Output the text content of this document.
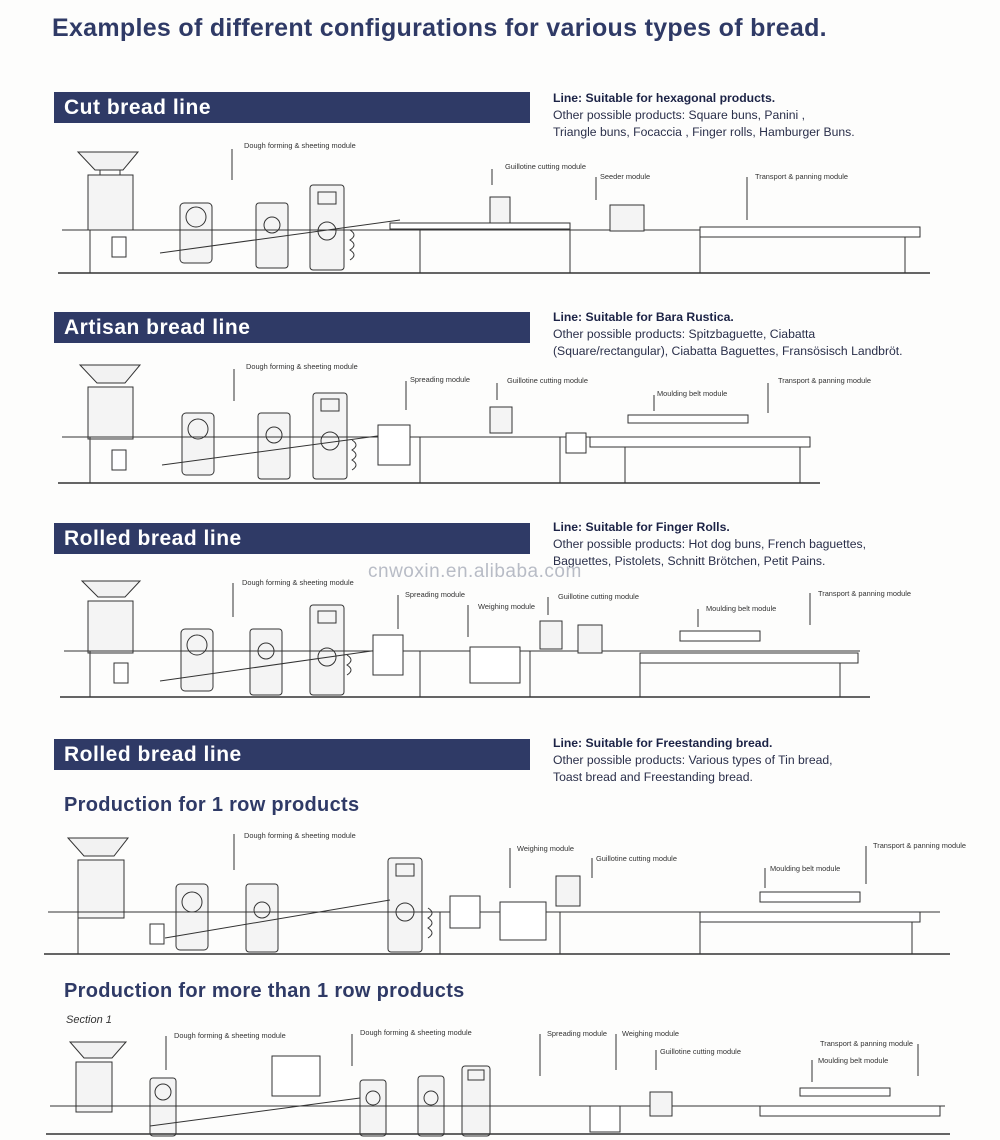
Examples of different configurations for various types of bread.
Cut bread line	Line: Suitable for hexagonal products.
Other possible products: Square buns, Panini ,
Triangle buns, Focaccia , Finger rolls, Hamburger Buns.
Dough forming & sheeting module
Guillotine cutting module
Seeder module	Transport & panning module
Artisan bread line	Line: Suitable for Bara Rustica.
Other possible products: Spitzbaguette, Ciabatta
(Square/rectangular), Ciabatta Baguettes, Fransösisch Landbröt.
Dough forming & sheeting module
Spreading module	Guillotine cutting module
Moulding belt module
Transport & panning module
Rolled bread line	Line: Suitable for Finger Rolls.
Other possible products: Hot dog buns, French baguettes,
Baguettes, Pistolets, Schnitt Brötchen, Petit Pains.
cnwoxin.en.alibaba.com
Dough forming & sheeting module
Spreading module
Weighing module
Guillotine cutting module
Moulding belt module
Transport & panning module
Rolled bread line	Line: Suitable for Freestanding bread.
Other possible products: Various types of Tin bread,
Toast bread and Freestanding bread.
Production for 1 row products
Dough forming & sheeting module
Weighing module
Guillotine cutting module
Moulding belt module
Transport & panning module
Production for more than 1 row products
Section 1
Dough forming & sheeting module	Dough forming & sheeting module	Spreading module Weighing module
Guillotine cutting module
Transport & panning module
Moulding belt module
